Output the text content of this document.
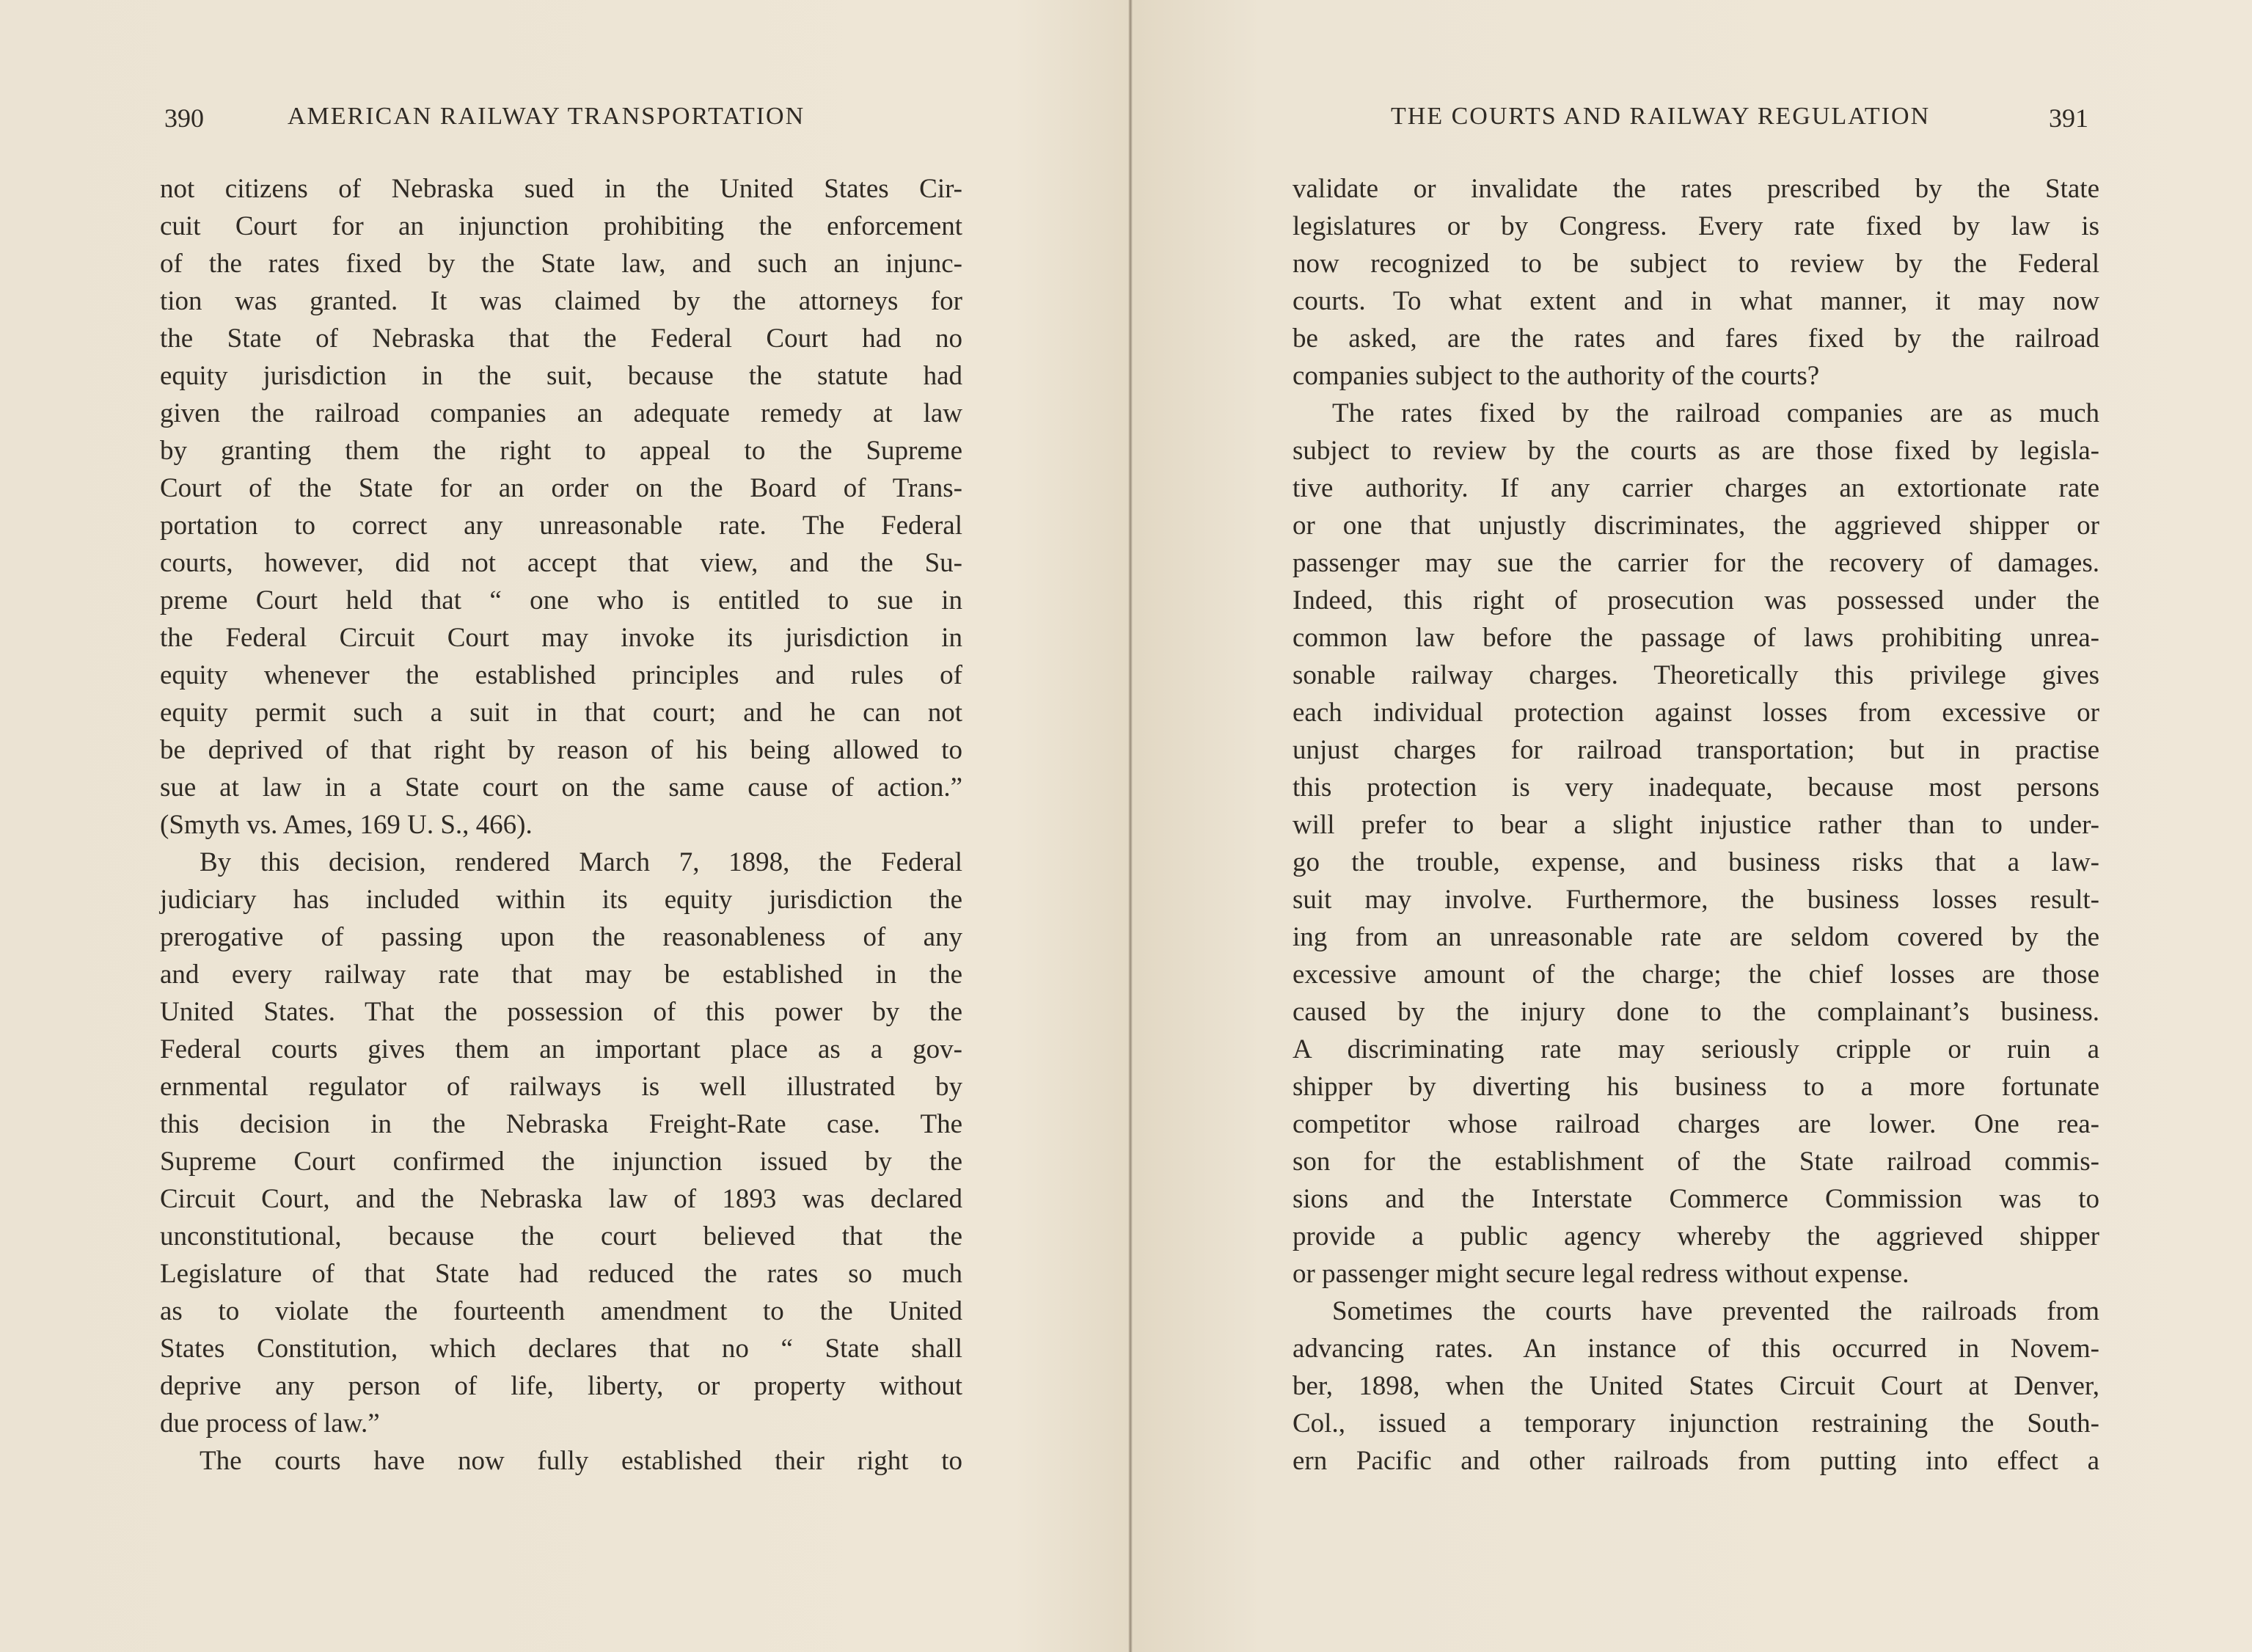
390	AMERICAN RAILWAY TRANSPORTATION
not citizens of Nebraska sued in the United States Cir-
cuit Court for an injunction prohibiting the enforcement
of the rates fixed by the State law, and such an injunc-
tion was granted. It was claimed by the attorneys for
the State of Nebraska that the Federal Court had no
equity jurisdiction in the suit, because the statute had
given the railroad companies an adequate remedy at law
by granting them the right to appeal to the Supreme
Court of the State for an order on the Board of Trans-
portation to correct any unreasonable rate. The Federal
courts, however, did not accept that view, and the Su-
preme Court held that “ one who is entitled to sue in
the Federal Circuit Court may invoke its jurisdiction in
equity whenever the established principles and rules of
equity permit such a suit in that court; and he can not
be deprived of that right by reason of his being allowed to
sue at law in a State court on the same cause of action.”
(Smyth vs. Ames, 169 U. S., 466).
By this decision, rendered March 7, 1898, the Federal
judiciary has included within its equity jurisdiction the
prerogative of passing upon the reasonableness of any
and every railway rate that may be established in the
United States. That the possession of this power by the
Federal courts gives them an important place as a gov-
ernmental regulator of railways is well illustrated by
this decision in the Nebraska Freight-Rate case. The
Supreme Court confirmed the injunction issued by the
Circuit Court, and the Nebraska law of 1893 was declared
unconstitutional, because the court believed that the
Legislature of that State had reduced the rates so much
as to violate the fourteenth amendment to the United
States Constitution, which declares that no “ State shall
deprive any person of life, liberty, or property without
due process of law.”
The courts have now fully established their right to
THE COURTS AND RAILWAY REGULATION	391
validate or invalidate the rates prescribed by the State
legislatures or by Congress. Every rate fixed by law is
now recognized to be subject to review by the Federal
courts. To what extent and in what manner, it may now
be asked, are the rates and fares fixed by the railroad
companies subject to the authority of the courts?
The rates fixed by the railroad companies are as much
subject to review by the courts as are those fixed by legisla-
tive authority. If any carrier charges an extortionate rate
or one that unjustly discriminates, the aggrieved shipper or
passenger may sue the carrier for the recovery of damages.
Indeed, this right of prosecution was possessed under the
common law before the passage of laws prohibiting unrea-
sonable railway charges. Theoretically this privilege gives
each individual protection against losses from excessive or
unjust charges for railroad transportation; but in practise
this protection is very inadequate, because most persons
will prefer to bear a slight injustice rather than to under-
go the trouble, expense, and business risks that a law-
suit may involve. Furthermore, the business losses result-
ing from an unreasonable rate are seldom covered by the
excessive amount of the charge; the chief losses are those
caused by the injury done to the complainant’s business.
A discriminating rate may seriously cripple or ruin a
shipper by diverting his business to a more fortunate
competitor whose railroad charges are lower. One rea-
son for the establishment of the State railroad commis-
sions and the Interstate Commerce Commission was to
provide a public agency whereby the aggrieved shipper
or passenger might secure legal redress without expense.
Sometimes the courts have prevented the railroads from
advancing rates. An instance of this occurred in Novem-
ber, 1898, when the United States Circuit Court at Denver,
Col., issued a temporary injunction restraining the South-
ern Pacific and other railroads from putting into effect a
